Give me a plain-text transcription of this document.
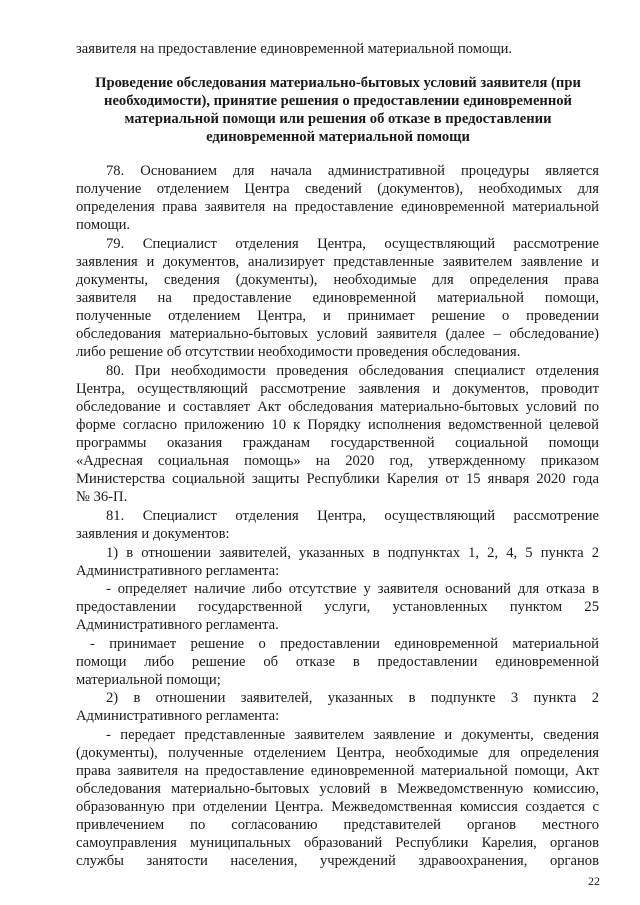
заявителя на предоставление единовременной материальной помощи.
Проведение обследования материально-бытовых условий заявителя (при
необходимости), принятие решения о предоставлении единовременной
материальной помощи или решения об отказе в предоставлении
единовременной материальной помощи
78. Основанием для начала административной процедуры является
получение отделением Центра сведений (документов), необходимых для
определения права заявителя на предоставление единовременной материальной
помощи.
79. Специалист отделения Центра, осуществляющий рассмотрение
заявления и документов, анализирует представленные заявителем заявление и
документы, сведения (документы), необходимые для определения права
заявителя на предоставление единовременной материальной помощи,
полученные отделением Центра, и принимает решение о проведении
обследования материально-бытовых условий заявителя (далее – обследование)
либо решение об отсутствии необходимости проведения обследования.
80. При необходимости проведения обследования специалист отделения
Центра, осуществляющий рассмотрение заявления и документов, проводит
обследование и составляет Акт обследования материально-бытовых условий по
форме согласно приложению 10 к Порядку исполнения ведомственной целевой
программы оказания гражданам государственной социальной помощи
«Адресная социальная помощь» на 2020 год, утвержденному приказом
Министерства социальной защиты Республики Карелия от 15 января 2020 года
№ 36-П.
81. Специалист отделения Центра, осуществляющий рассмотрение
заявления и документов:
1) в отношении заявителей, указанных в подпунктах 1, 2, 4, 5 пункта 2
Административного регламента:
- определяет наличие либо отсутствие у заявителя оснований для отказа в
предоставлении государственной услуги, установленных пунктом 25
Административного регламента.
- принимает решение о предоставлении единовременной материальной
помощи либо решение об отказе в предоставлении единовременной
материальной помощи;
2) в отношении заявителей, указанных в подпункте 3 пункта 2
Административного регламента:
- передает представленные заявителем заявление и документы, сведения
(документы), полученные отделением Центра, необходимые для определения
права заявителя на предоставление единовременной материальной помощи, Акт
обследования материально-бытовых условий в Межведомственную комиссию,
образованную при отделении Центра. Межведомственная комиссия создается с
привлечением по согласованию представителей органов местного
самоуправления муниципальных образований Республики Карелия, органов
службы занятости населения, учреждений здравоохранения, органов
22
